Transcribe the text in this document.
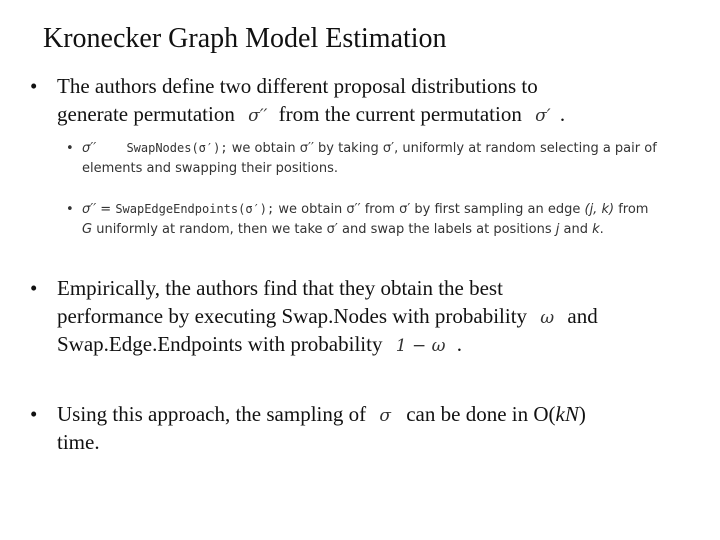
Kronecker Graph Model Estimation
• The authors define two different proposal distributions to
generate permutation σ′′ from the current permutation σ′ .
• σ′′	SwapNodes(σ′); we obtain σ′′ by taking σ′, uniformly at random selecting a pair of
elements and swapping their positions.
• σ′′ = SwapEdgeEndpoints(σ′); we obtain σ′′ from σ′ by first sampling an edge (j, k) from
G uniformly at random, then we take σ′ and swap the labels at positions j and k.
• Empirically, the authors find that they obtain the best
performance by executing Swap.Nodes with probability ω and
Swap.Edge.Endpoints with probability 1 − ω .
• Using this approach, the sampling of σ can be done in O(kN)
time.
